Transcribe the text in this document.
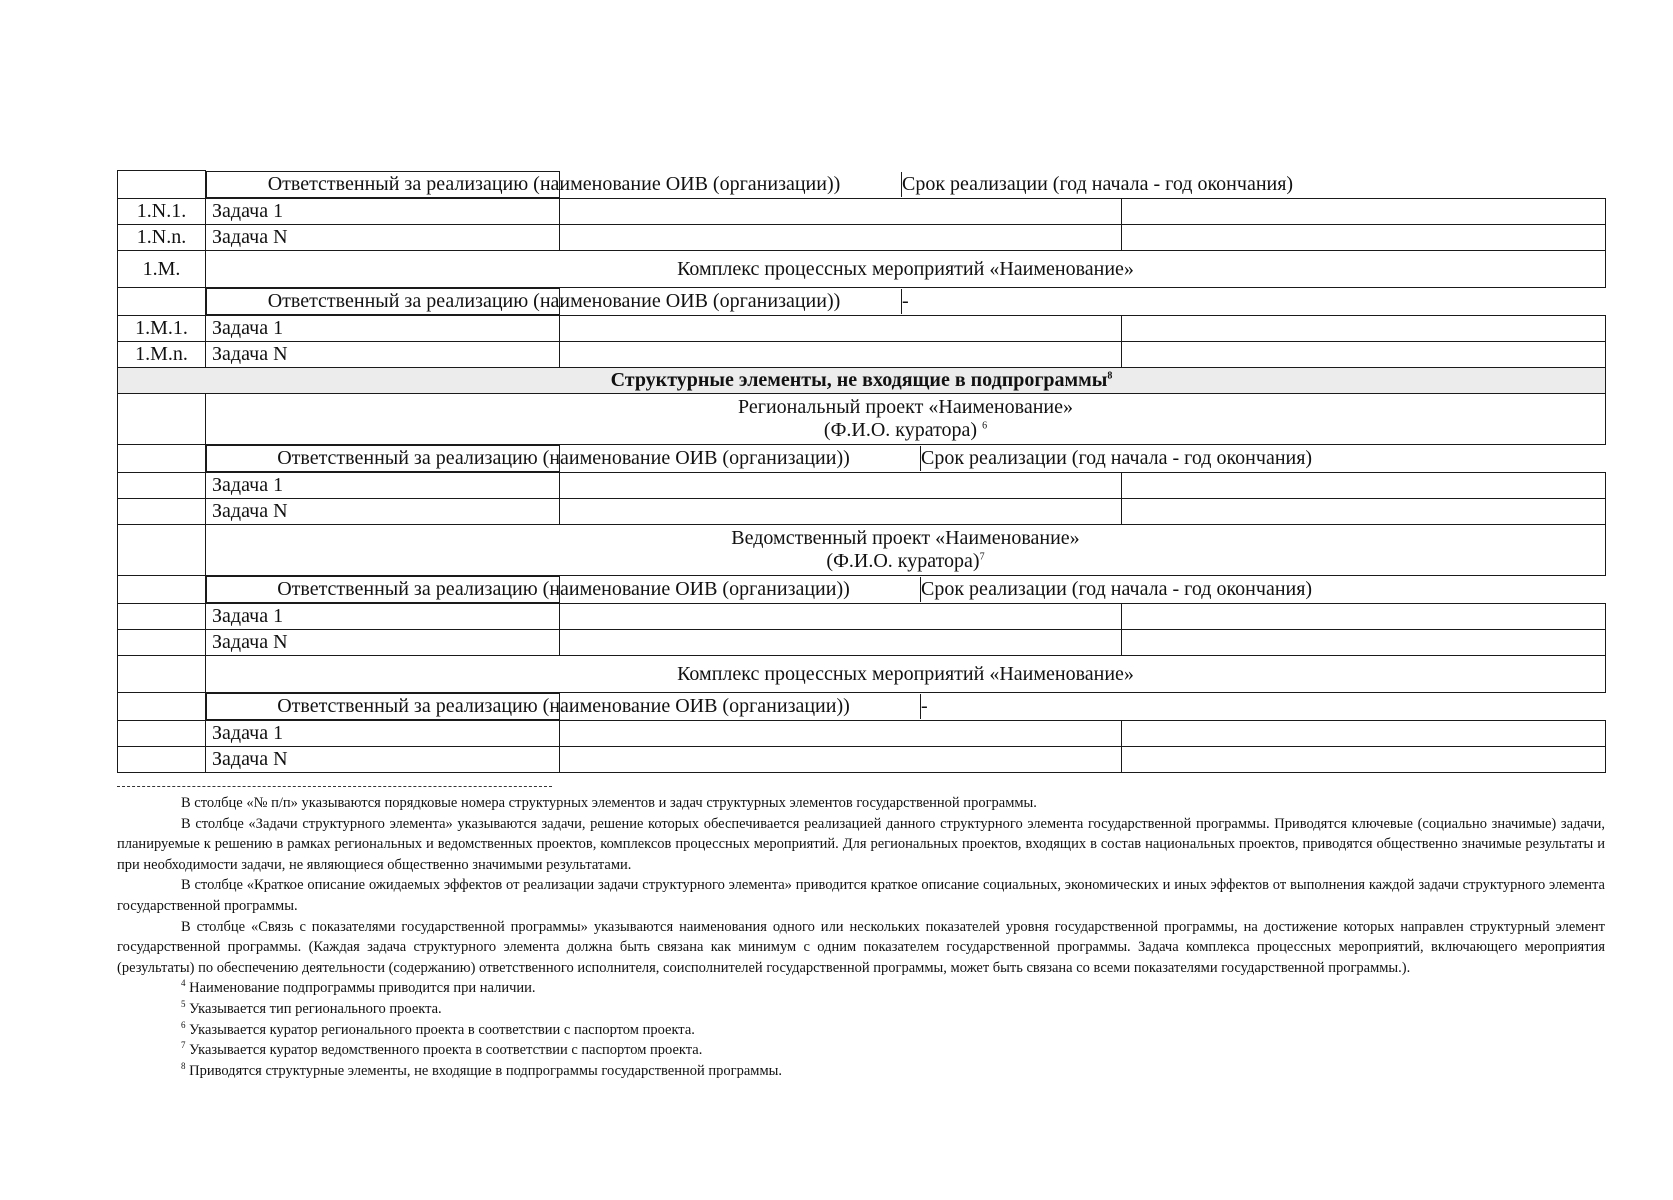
Ответственный за реализацию (наименование ОИВ (организации))	Срок реализации (год начала - год окончания)

1.N.1.	Задача 1		
1.N.n.	Задача N		
1.M.	Комплекс процессных мероприятий «Наименование»		

Ответственный за реализацию (наименование ОИВ (организации))	-

1.M.1.	Задача 1		
1.M.n.	Задача N		
Структурные элементы, не входящие в подпрограммы$^8$
	Региональный проект «Наименование»
(Ф.И.О. куратора) $^6$

Ответственный за реализацию (наименование ОИВ (организации))	Срок реализации (год начала - год окончания)

	Задача 1		
	Задача N		
	Ведомственный проект «Наименование»
(Ф.И.О. куратора)$^7$

Ответственный за реализацию (наименование ОИВ (организации))	Срок реализации (год начала - год окончания)

	Задача 1		
	Задача N		
	Комплекс процессных мероприятий «Наименование»		

Ответственный за реализацию (наименование ОИВ (организации))	-

	Задача 1		
	Задача N		

В столбце «№ п/п» указываются порядковые номера структурных элементов и задач структурных элементов государственной программы.

В столбце «Задачи структурного элемента» указываются задачи, решение которых обеспечивается реализацией данного структурного элемента государственной программы. Приводятся ключевые (социально значимые) задачи, планируемые к решению в рамках региональных и ведомственных проектов, комплексов процессных мероприятий. Для региональных проектов, входящих в состав национальных проектов, приводятся общественно значимые результаты и при необходимости задачи, не являющиеся общественно значимыми результатами.

В столбце «Краткое описание ожидаемых эффектов от реализации задачи структурного элемента» приводится краткое описание социальных, экономических и иных эффектов от выполнения каждой задачи структурного элемента государственной программы.

В столбце «Связь с показателями государственной программы» указываются наименования одного или нескольких показателей уровня государственной программы, на достижение которых направлен структурный элемент государственной программы. (Каждая задача структурного элемента должна быть связана как минимум с одним показателем государственной программы. Задача комплекса процессных мероприятий, включающего мероприятия (результаты) по обеспечению деятельности (содержанию) ответственного исполнителя, соисполнителей государственной программы, может быть связана со всеми показателями государственной программы.).

$^4$ Наименование подпрограммы приводится при наличии.
$^5$ Указывается тип регионального проекта.
$^6$ Указывается куратор регионального проекта в соответствии с паспортом проекта.
$^7$ Указывается куратор ведомственного проекта в соответствии с паспортом проекта.
$^8$ Приводятся структурные элементы, не входящие в подпрограммы государственной программы.
